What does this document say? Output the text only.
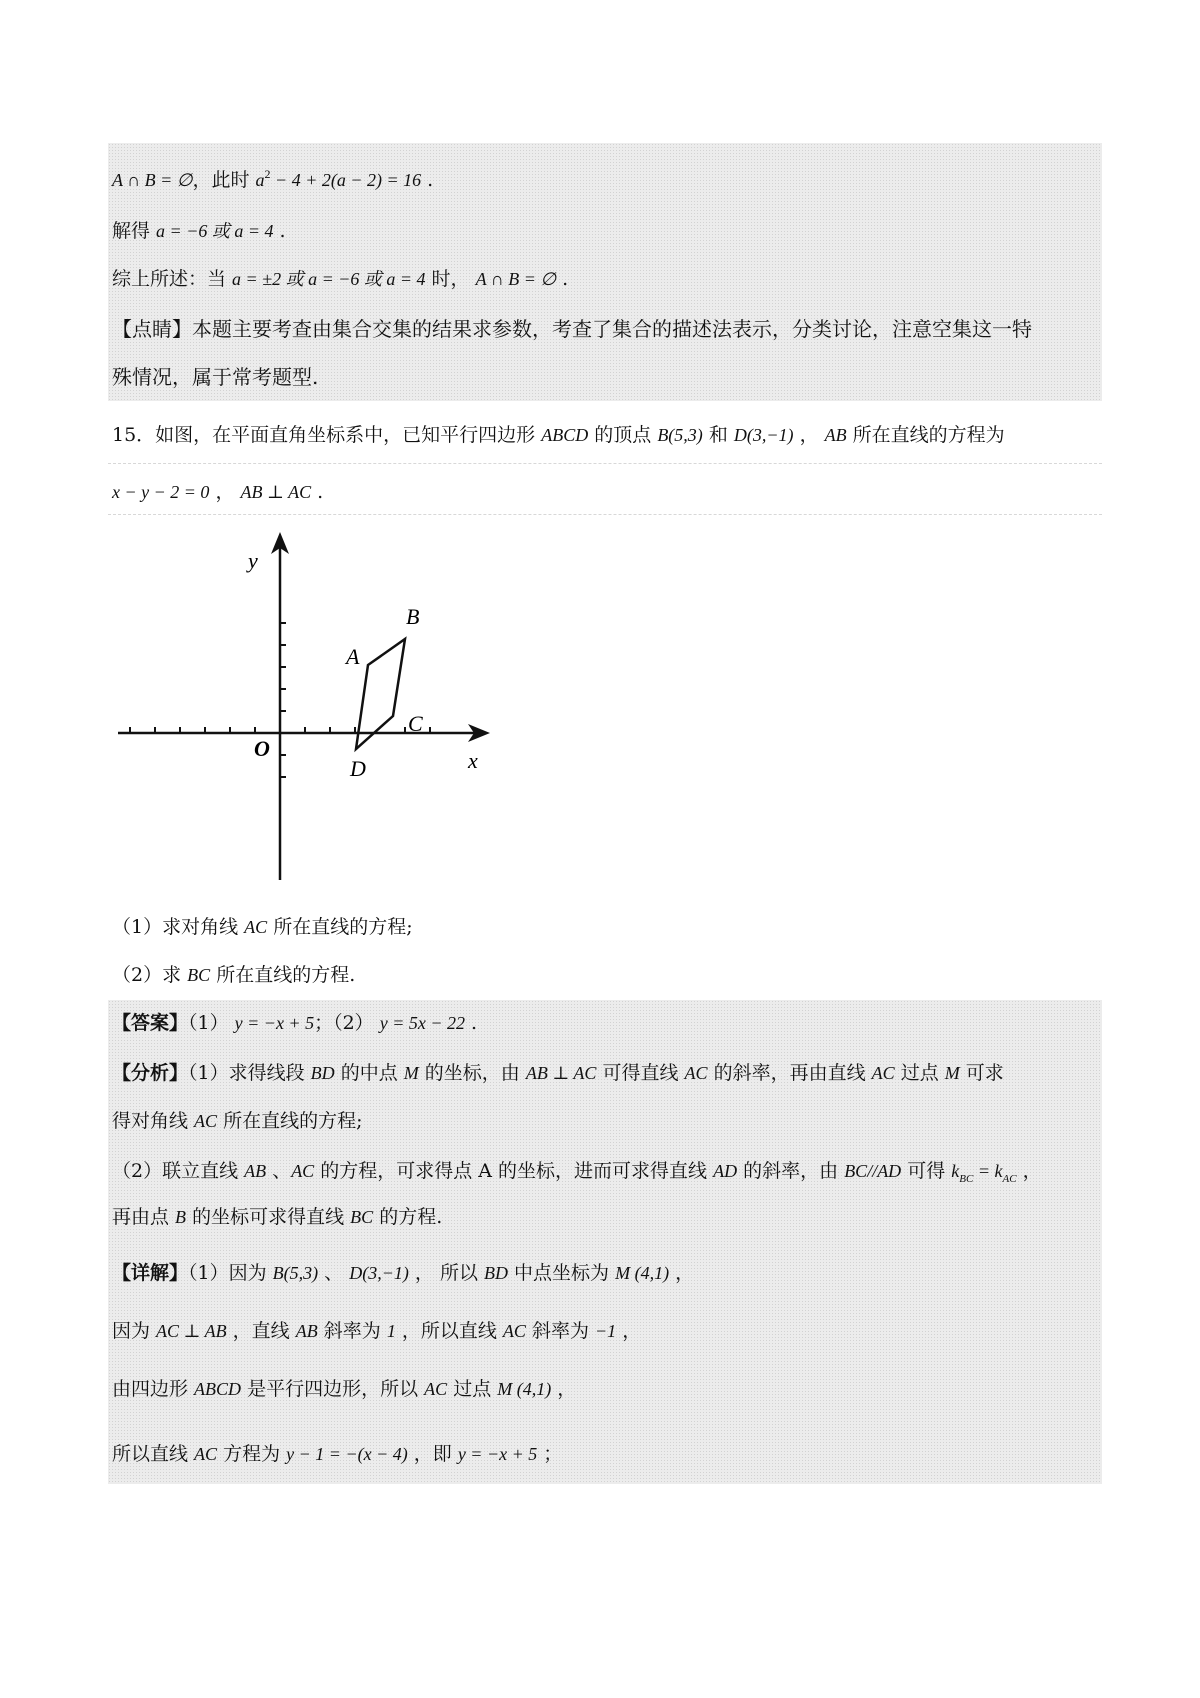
A ∩ B = ∅，此时 $a^2 - 4 + 2(a - 2) = 16$ .
解得 a = −6 或 a = 4 .
综上所述：当 a = ±2 或 a = −6 或 a = 4 时， A ∩ B = ∅ .
【点睛】本题主要考查由集合交集的结果求参数，考查了集合的描述法表示，分类讨论，注意空集这一特
殊情况，属于常考题型.
15．如图，在平面直角坐标系中，已知平行四边形 ABCD 的顶点 B(5,3) 和 D(3,−1) ， AB 所在直线的方程为
x − y − 2 = 0 ， AB ⊥ AC .
y
x
O
A
B
C
D
（1）求对角线 AC 所在直线的方程;
（2）求 BC 所在直线的方程.
【答案】（1） y = −x + 5；（2） y = 5x − 22 .
【分析】（1）求得线段 BD 的中点 M 的坐标，由 AB ⊥ AC 可得直线 AC 的斜率，再由直线 AC 过点 M 可求
得对角线 AC 所在直线的方程;
（2）联立直线 AB 、AC 的方程，可求得点 A 的坐标，进而可求得直线 AD 的斜率，由 BC//AD 可得 $k_{BC} = k_{AC}$ ，
再由点 B 的坐标可求得直线 BC 的方程.
【详解】（1）因为 B(5,3) 、 D(3,−1) ， 所以 BD 中点坐标为 M (4,1) ，
因为 AC ⊥ AB ，直线 AB 斜率为 1 ，所以直线 AC 斜率为 −1 ，
由四边形 ABCD 是平行四边形，所以 AC 过点 M (4,1) ，
所以直线 AC 方程为 y − 1 = −(x − 4) ，即 y = −x + 5 ；
